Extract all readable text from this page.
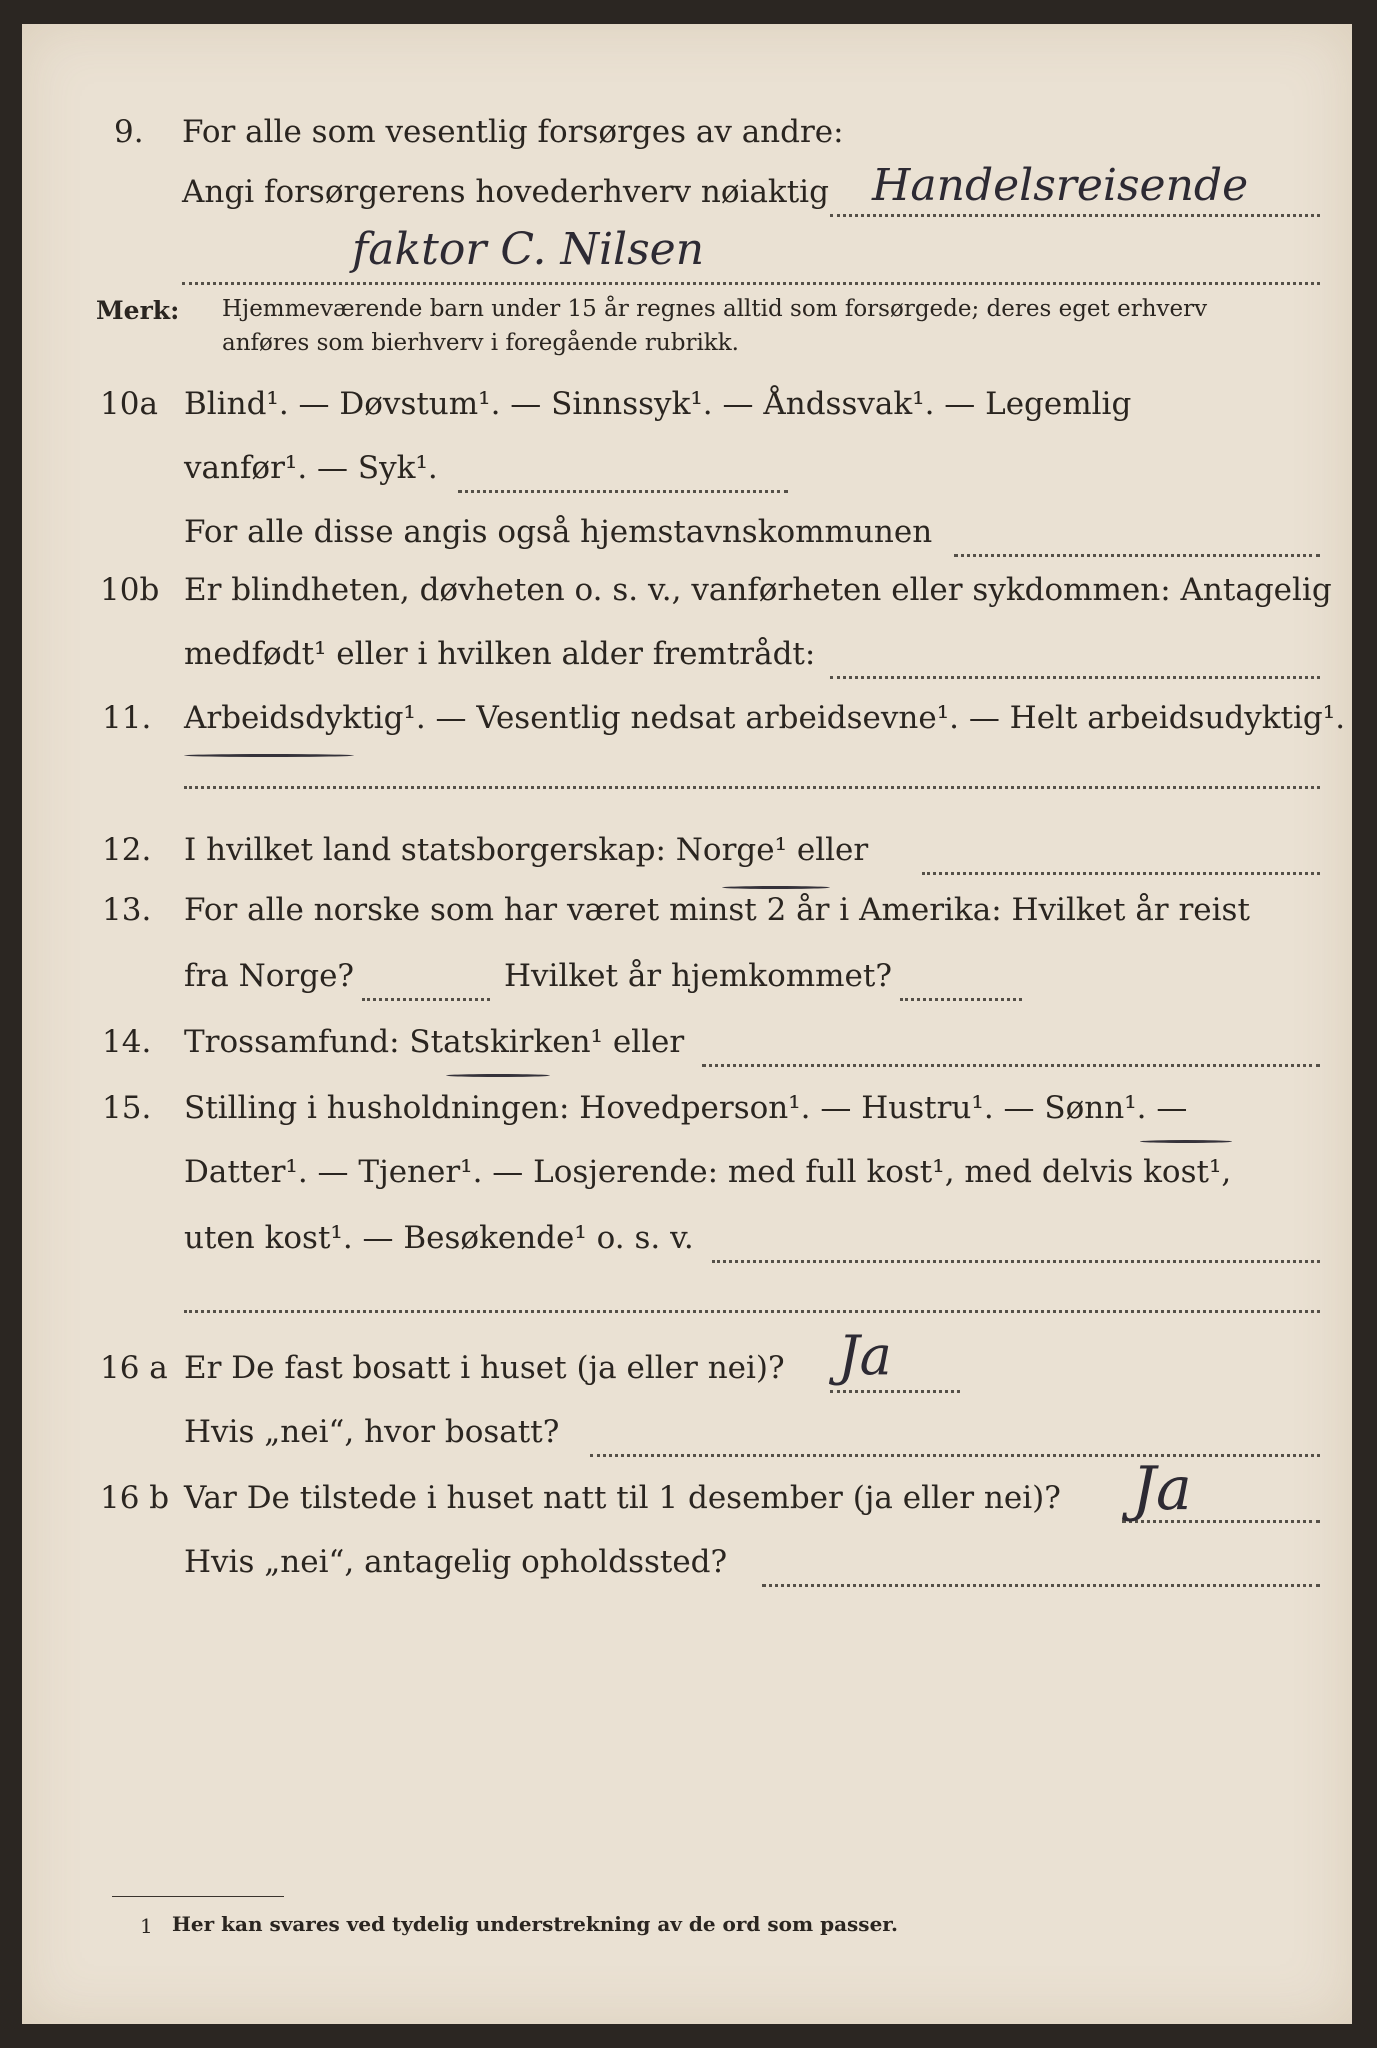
9. For alle som vesentlig forsørges av andre:
Angi forsørgerens hovederhverv nøiaktig Handelsreisende
faktor C. Nilsen
Merk: Hjemmeværende barn under 15 år regnes alltid som forsørgede; deres eget erhverv
anføres som bierhverv i foregående rubrikk.
10a Blind¹. — Døvstum¹. — Sinnssyk¹. — Åndssvak¹. — Legemlig
vanfør¹. — Syk¹.
For alle disse angis også hjemstavnskommunen
10b Er blindheten, døvheten o. s. v., vanførheten eller sykdommen: Antagelig
medfødt¹ eller i hvilken alder fremtrådt:
11. Arbeidsdyktig¹. — Vesentlig nedsat arbeidsevne¹. — Helt arbeidsudyktig¹.
12. I hvilket land statsborgerskap: Norge¹ eller
13. For alle norske som har været minst 2 år i Amerika: Hvilket år reist
fra Norge?	Hvilket år hjemkommet?
14. Trossamfund: Statskirken¹ eller
15. Stilling i husholdningen: Hovedperson¹. — Hustru¹. — Sønn¹. —
Datter¹. — Tjener¹. — Losjerende: med full kost¹, med delvis kost¹,
uten kost¹. — Besøkende¹ o. s. v.
16 a Er De fast bosatt i huset (ja eller nei)? Ja
Hvis „nei“, hvor bosatt?
16 b Var De tilstede i huset natt til 1 desember (ja eller nei)? Ja
Hvis „nei“, antagelig opholdssted?
1 Her kan svares ved tydelig understrekning av de ord som passer.
